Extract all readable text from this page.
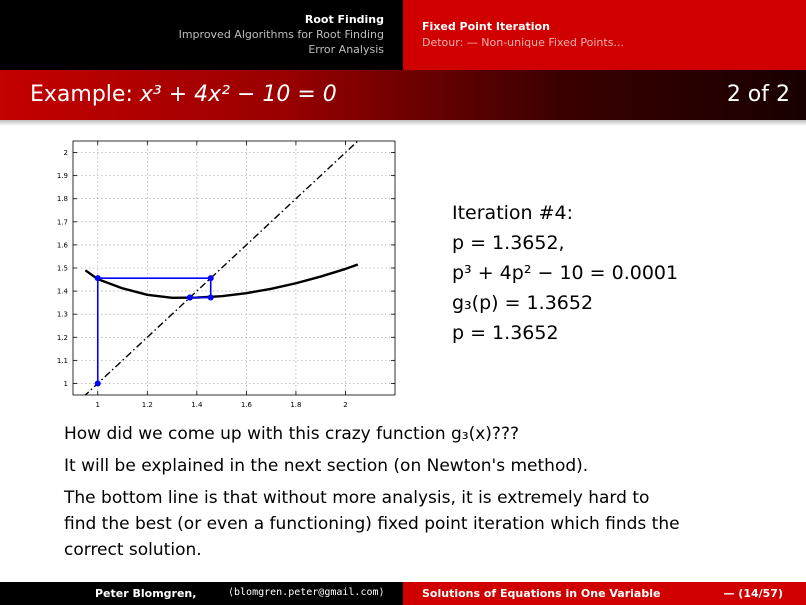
Root Finding
Improved Algorithms for Root Finding
Error Analysis
Fixed Point Iteration
Detour: — Non-unique Fixed Points...
Example: x³ + 4x² − 10 = 0	2 of 2
1	1.2	1.4	1.6	1.8	2
1
1.1
1.2
1.3
1.4
1.5
1.6
1.7
1.8
1.9
2
Iteration #4:
p = 1.3652,
p³ + 4p² − 10 = 0.0001
g₃(p) = 1.3652
p = 1.3652
How did we come up with this crazy function g₃(x)???
It will be explained in the next section (on Newton's method).
The bottom line is that without more analysis, it is extremely hard to
find the best (or even a functioning) fixed point iteration which finds the
correct solution.
Peter Blomgren,	⟨blomgren.peter@gmail.com⟩	Solutions of Equations in One Variable	— (14/57)
